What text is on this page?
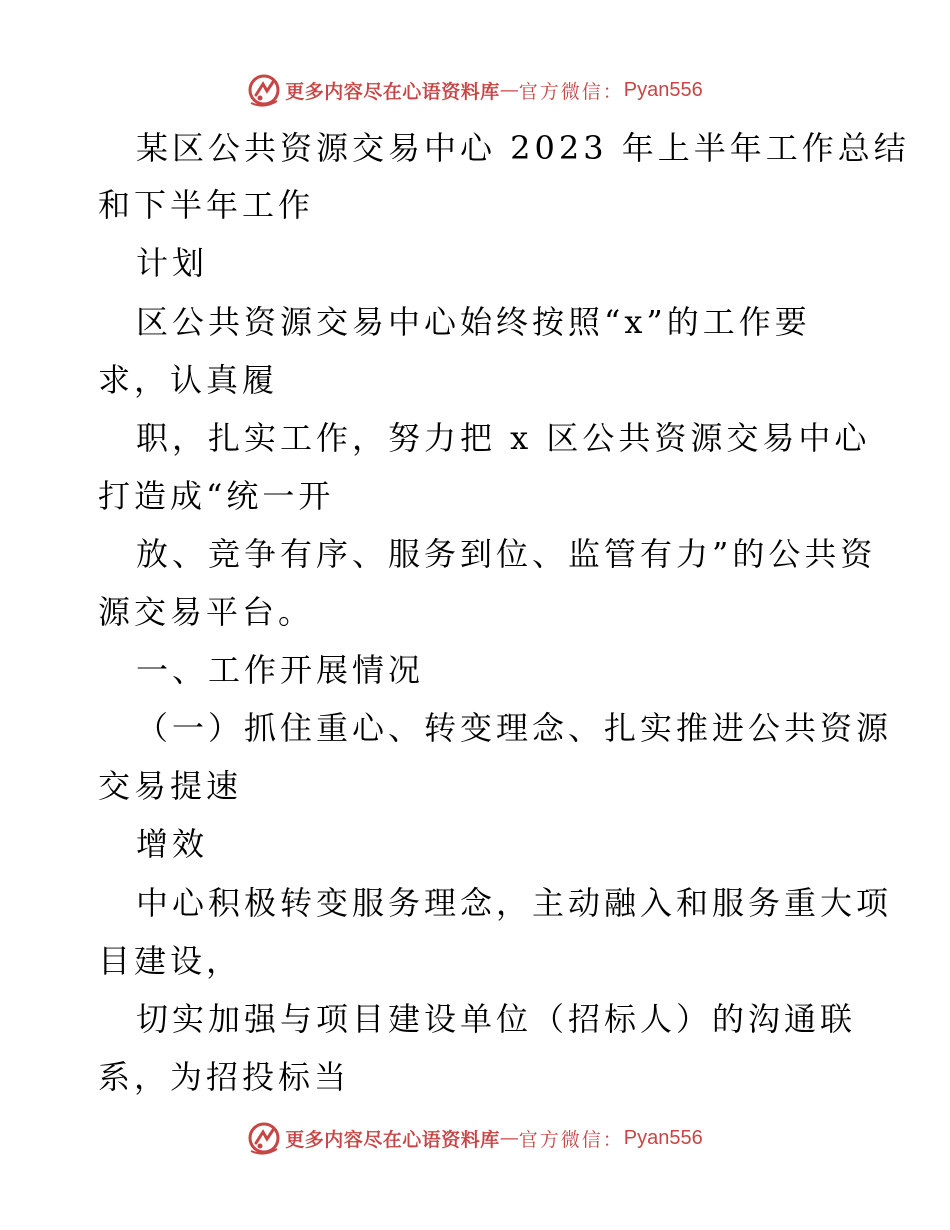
更多内容尽在心语资料库 — 官方微信： Pyan556
某区公共资源交易中心 2023 年上半年工作总结
和下半年工作
计划
区公共资源交易中心始终按照“x”的工作要
求，认真履
职，扎实工作，努力把 x 区公共资源交易中心
打造成“统一开
放、竞争有序、服务到位、监管有力”的公共资
源交易平台。
一、工作开展情况
（一）抓住重心、转变理念、扎实推进公共资源
交易提速
增效
中心积极转变服务理念，主动融入和服务重大项
目建设，
切实加强与项目建设单位（招标人）的沟通联
系，为招投标当
更多内容尽在心语资料库 — 官方微信： Pyan556
